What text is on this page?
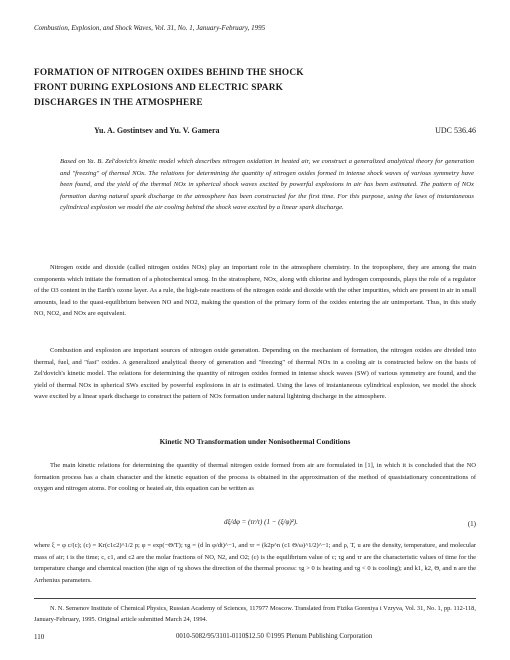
Combustion, Explosion, and Shock Waves, Vol. 31, No. 1, January-February, 1995
FORMATION OF NITROGEN OXIDES BEHIND THE SHOCK
FRONT DURING EXPLOSIONS AND ELECTRIC SPARK
DISCHARGES IN THE ATMOSPHERE
Yu. A. Gostintsev and Yu. V. Gamera	UDC 536.46
Based on Ya. B. Zel'dovich's kinetic model which describes nitrogen oxidation in heated air, we construct a generalized analytical theory for generation and "freezing" of thermal NOx. The relations for determining the quantity of nitrogen oxides formed in intense shock waves of various symmetry have been found, and the yield of the thermal NOx in spherical shock waves excited by powerful explosions in air has been estimated. The pattern of NOx formation during natural spark discharge in the atmosphere has been constructed for the first time. For this purpose, using the laws of instantaneous cylindrical explosion we model the air cooling behind the shock wave excited by a linear spark discharge.

Nitrogen oxide and dioxide (called nitrogen oxides NOx) play an important role in the atmosphere chemistry. In the troposphere, they are among the main components which initiate the formation of a photochemical smog. In the stratosphere, NOx, along with chlorine and hydrogen compounds, plays the role of a regulator of the O3 content in the Earth's ozone layer. As a rule, the high-rate reactions of the nitrogen oxide and dioxide with the other impurities, which are present in air in small amounts, lead to the quasi-equilibrium between NO and NO2, making the question of the primary form of the oxides entering the air unimportant. Thus, in this study NO, NO2, and NOx are equivalent.

Combustion and explosion are important sources of nitrogen oxide generation. Depending on the mechanism of formation, the nitrogen oxides are divided into thermal, fuel, and "fast" oxides. A generalized analytical theory of generation and "freezing" of thermal NOx in a cooling air is constructed below on the basis of Zel'dovich's kinetic model. The relations for determining the quantity of nitrogen oxides formed in intense shock waves (SW) of various symmetry are found, and the yield of thermal NOx in spherical SWs excited by powerful explosions in air is estimated. Using the laws of instantaneous cylindrical explosion, we model the shock wave excited by a linear spark discharge to construct the pattern of NOx formation under natural lightning discharge in the atmosphere.

Kinetic NO Transformation under Nonisothermal Conditions

The main kinetic relations for determining the quantity of thermal nitrogen oxide formed from air are formulated in [1], in which it is concluded that the NO formation process has a chain character and the kinetic equation of the process is obtained in the approximation of the method of quasistationary concentrations of oxygen and nitrogen atoms. For cooling or heated air, this equation can be written as

dξ/dφ = (τr/τ) (1 − (ξ/φ)²).	(1)

where ξ = φ c/(c); (c) = Kr(c1c2)^1/2 p; φ = exp(−Θ/T); τg = (d ln φ/dt)^−1, and τr = (k2p^n (c1 Θ/ω)^1/2)^−1; and ρ, T, u are the density, temperature, and molecular mass of air; t is the time; c, c1, and c2 are the molar fractions of NO, N2, and O2; (c) is the equilibrium value of c; τg and τr are the characteristic values of time for the temperature change and chemical reaction (the sign of τg shows the direction of the thermal process: τg > 0 is heating and τg < 0 is cooling); and k1, k2, Θ, and n are the Arrhenius parameters.

N. N. Semenov Institute of Chemical Physics, Russian Academy of Sciences, 117977 Moscow. Translated from Fizika Goreniya i Vzryva, Vol. 31, No. 1, pp. 112-118, January-February, 1995. Original article submitted March 24, 1994.
110	0010-5082/95/3101-0110$12.50 ©1995 Plenum Publishing Corporation
